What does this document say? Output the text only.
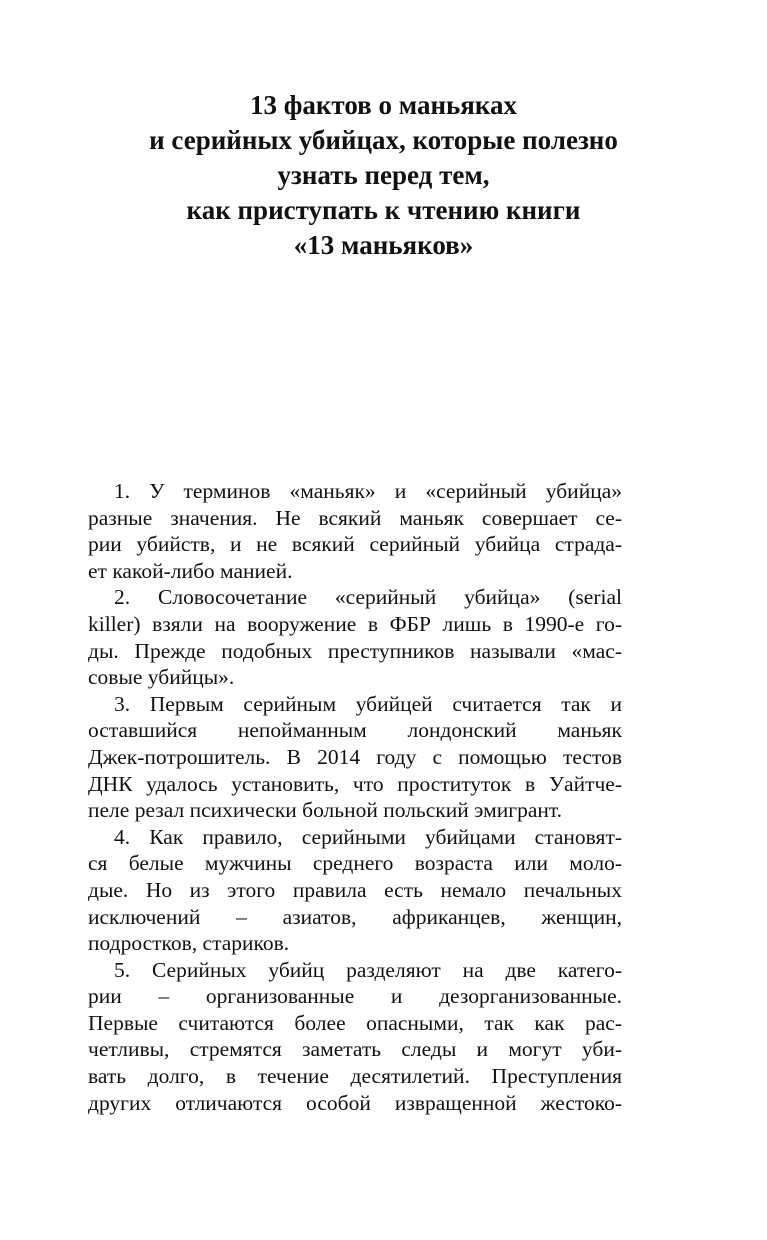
13 фактов о маньяках
и серийных убийцах, которые полезно
узнать перед тем,
как приступать к чтению книги
«13 маньяков»
1. У терминов «маньяк» и «серийный убийца»
разные значения. Не всякий маньяк совершает се-
рии убийств, и не всякий серийный убийца страда-
ет какой-либо манией.
2. Словосочетание «серийный убийца» (serial
killer) взяли на вооружение в ФБР лишь в 1990-е го-
ды. Прежде подобных преступников называли «мас-
совые убийцы».
3. Первым серийным убийцей считается так и
оставшийся непойманным лондонский маньяк
Джек-потрошитель. В 2014 году с помощью тестов
ДНК удалось установить, что проституток в Уайтче-
пеле резал психически больной польский эмигрант.
4. Как правило, серийными убийцами становят-
ся белые мужчины среднего возраста или моло-
дые. Но из этого правила есть немало печальных
исключений – азиатов, африканцев, женщин,
подростков, стариков.
5. Серийных убийц разделяют на две катего-
рии – организованные и дезорганизованные.
Первые считаются более опасными, так как рас-
четливы, стремятся заметать следы и могут уби-
вать долго, в течение десятилетий. Преступления
других отличаются особой извращенной жестоко-
